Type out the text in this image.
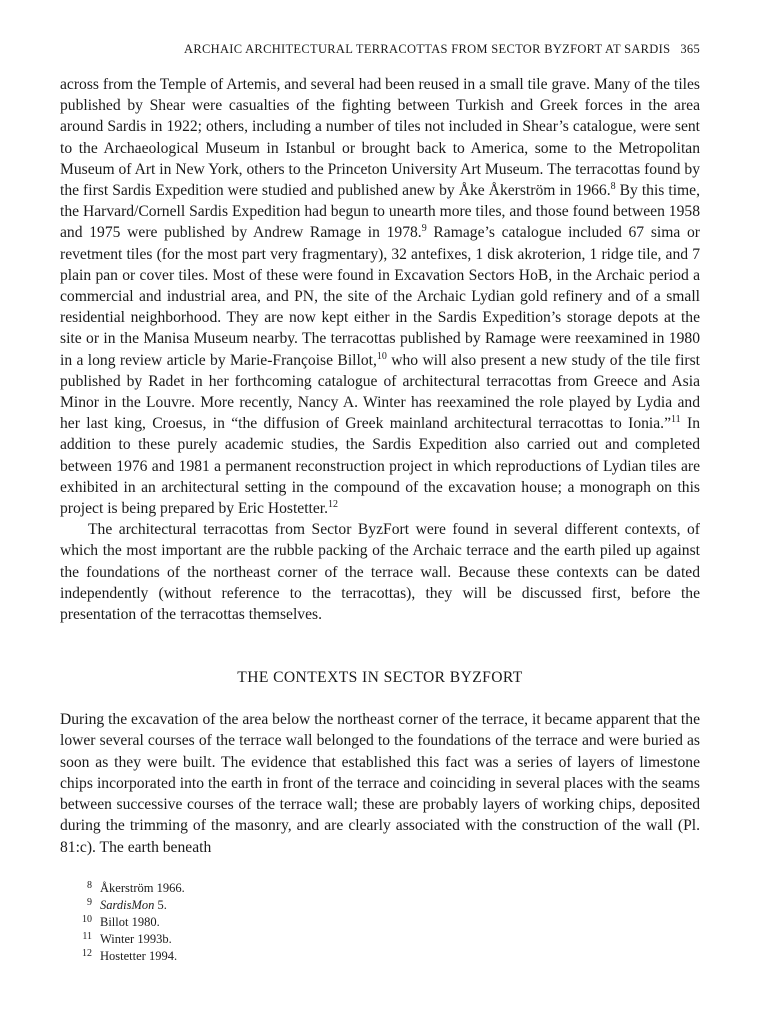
ARCHAIC ARCHITECTURAL TERRACOTTAS FROM SECTOR BYZFORT AT SARDIS 365

across from the Temple of Artemis, and several had been reused in a small tile grave. Many of the tiles published by Shear were casualties of the fighting between Turkish and Greek forces in the area around Sardis in 1922; others, including a number of tiles not included in Shear’s catalogue, were sent to the Archaeological Museum in Istanbul or brought back to America, some to the Metropolitan Museum of Art in New York, others to the Princeton University Art Museum. The terracottas found by the first Sardis Expedition were studied and published anew by Åke Åkerström in 1966.$^8$ By this time, the Harvard/Cornell Sardis Expedition had begun to unearth more tiles, and those found between 1958 and 1975 were published by Andrew Ramage in 1978.$^9$ Ramage’s catalogue included 67 sima or revetment tiles (for the most part very fragmentary), 32 antefixes, 1 disk akroterion, 1 ridge tile, and 7 plain pan or cover tiles. Most of these were found in Excavation Sectors HoB, in the Archaic period a commercial and industrial area, and PN, the site of the Archaic Lydian gold refinery and of a small residential neighborhood. They are now kept either in the Sardis Expedition’s storage depots at the site or in the Manisa Museum nearby. The terracottas published by Ramage were reexamined in 1980 in a long review article by Marie-Françoise Billot,$^{10}$ who will also present a new study of the tile first published by Radet in her forthcoming catalogue of architectural terracottas from Greece and Asia Minor in the Louvre. More recently, Nancy A. Winter has reexamined the role played by Lydia and her last king, Croesus, in “the diffusion of Greek mainland architectural terracottas to Ionia.”$^{11}$ In addition to these purely academic studies, the Sardis Expedition also carried out and completed between 1976 and 1981 a permanent reconstruction project in which reproductions of Lydian tiles are exhibited in an architectural setting in the compound of the excavation house; a monograph on this project is being prepared by Eric Hostetter.$^{12}$

The architectural terracottas from Sector ByzFort were found in several different contexts, of which the most important are the rubble packing of the Archaic terrace and the earth piled up against the foundations of the northeast corner of the terrace wall. Because these contexts can be dated independently (without reference to the terracottas), they will be discussed first, before the presentation of the terracottas themselves.

THE CONTEXTS IN SECTOR BYZFORT

During the excavation of the area below the northeast corner of the terrace, it became apparent that the lower several courses of the terrace wall belonged to the foundations of the terrace and were buried as soon as they were built. The evidence that established this fact was a series of layers of limestone chips incorporated into the earth in front of the terrace and coinciding in several places with the seams between successive courses of the terrace wall; these are probably layers of working chips, deposited during the trimming of the masonry, and are clearly associated with the construction of the wall (Pl. 81:c). The earth beneath

8 Åkerström 1966.
9 SardisMon 5.
10 Billot 1980.
11 Winter 1993b.
12 Hostetter 1994.
